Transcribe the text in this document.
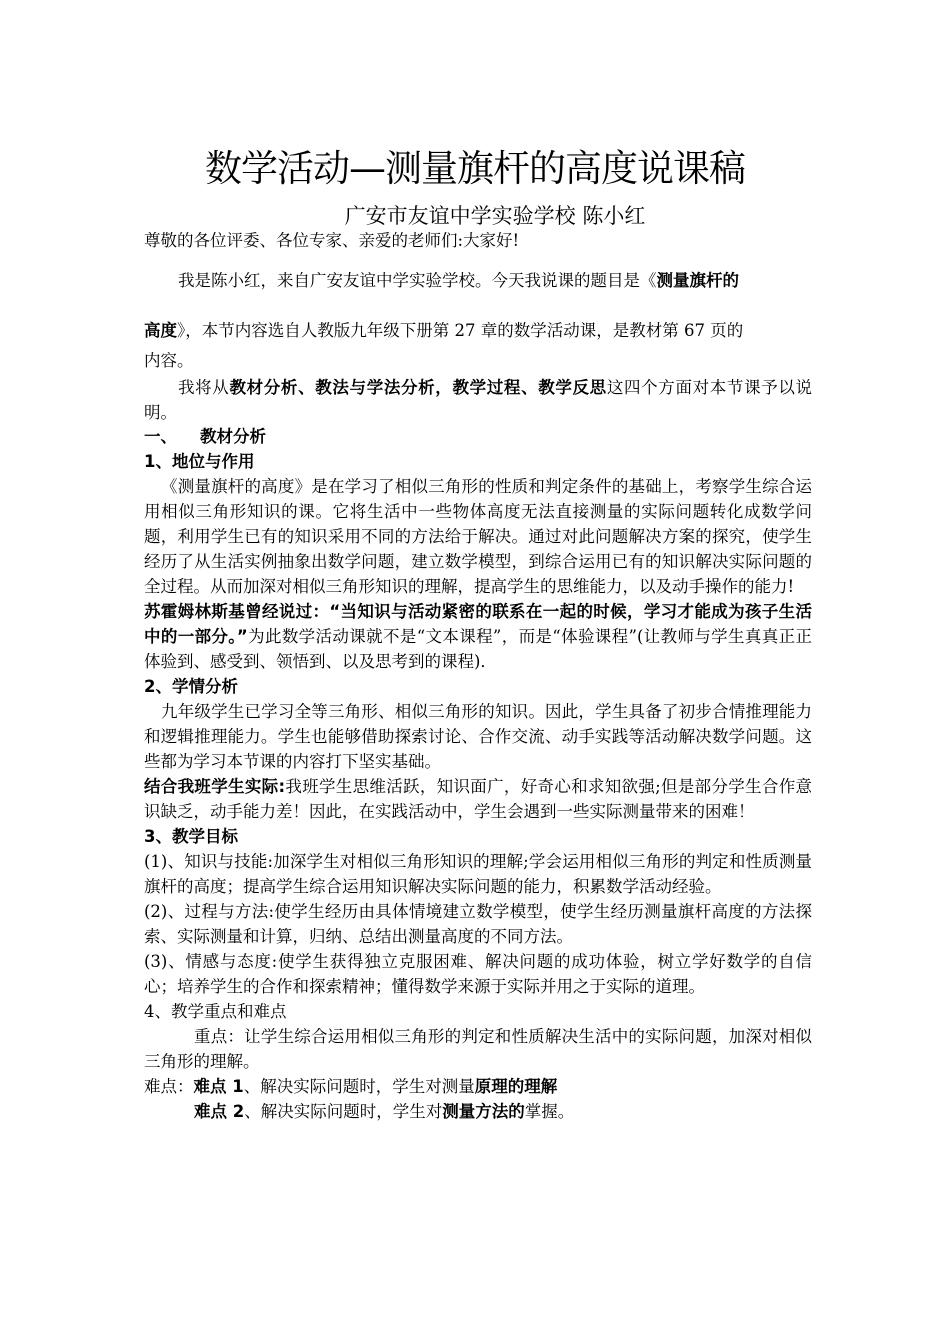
数学活动—测量旗杆的高度说课稿
广安市友谊中学实验学校 陈小红

尊敬的各位评委、各位专家、亲爱的老师们:大家好!

我是陈小红，来自广安友谊中学实验学校。今天我说课的题目是《测量旗杆的

高度》，本节内容选自人教版九年级下册第 27 章的数学活动课，是教材第 67 页的

内容。

我将从教材分析、教法与学法分析，教学过程、教学反思这四个方面对本节课予以说明。

一、    教材分析

1、地位与作用

《测量旗杆的高度》是在学习了相似三角形的性质和判定条件的基础上，考察学生综合运用相似三角形知识的课。它将生活中一些物体高度无法直接测量的实际问题转化成数学问题，利用学生已有的知识采用不同的方法给于解决。通过对此问题解决方案的探究，使学生经历了从生活实例抽象出数学问题，建立数学模型，到综合运用已有的知识解决实际问题的全过程。从而加深对相似三角形知识的理解，提高学生的思维能力，以及动手操作的能力!

苏霍姆林斯基曾经说过：“当知识与活动紧密的联系在一起的时候，学习才能成为孩子生活中的一部分。”为此数学活动课就不是“文本课程”，而是“体验课程”(让教师与学生真真正正体验到、感受到、领悟到、以及思考到的课程)．

2、学情分析

九年级学生已学习全等三角形、相似三角形的知识。因此，学生具备了初步合情推理能力和逻辑推理能力。学生也能够借助探索讨论、合作交流、动手实践等活动解决数学问题。这些都为学习本节课的内容打下坚实基础。

结合我班学生实际:我班学生思维活跃，知识面广，好奇心和求知欲强;但是部分学生合作意识缺乏，动手能力差！因此，在实践活动中，学生会遇到一些实际测量带来的困难！

3、教学目标

(1)、知识与技能:加深学生对相似三角形知识的理解;学会运用相似三角形的判定和性质测量旗杆的高度；提高学生综合运用知识解决实际问题的能力，积累数学活动经验。

(2)、过程与方法:使学生经历由具体情境建立数学模型，使学生经历测量旗杆高度的方法探索、实际测量和计算，归纳、总结出测量高度的不同方法。

(3)、情感与态度:使学生获得独立克服困难、解决问题的成功体验，树立学好数学的自信心；培养学生的合作和探索精神；懂得数学来源于实际并用之于实际的道理。

4、教学重点和难点

重点：让学生综合运用相似三角形的判定和性质解决生活中的实际问题，加深对相似三角形的理解。

难点：难点 1、解决实际问题时，学生对测量原理的理解

难点 2、解决实际问题时，学生对测量方法的掌握。
